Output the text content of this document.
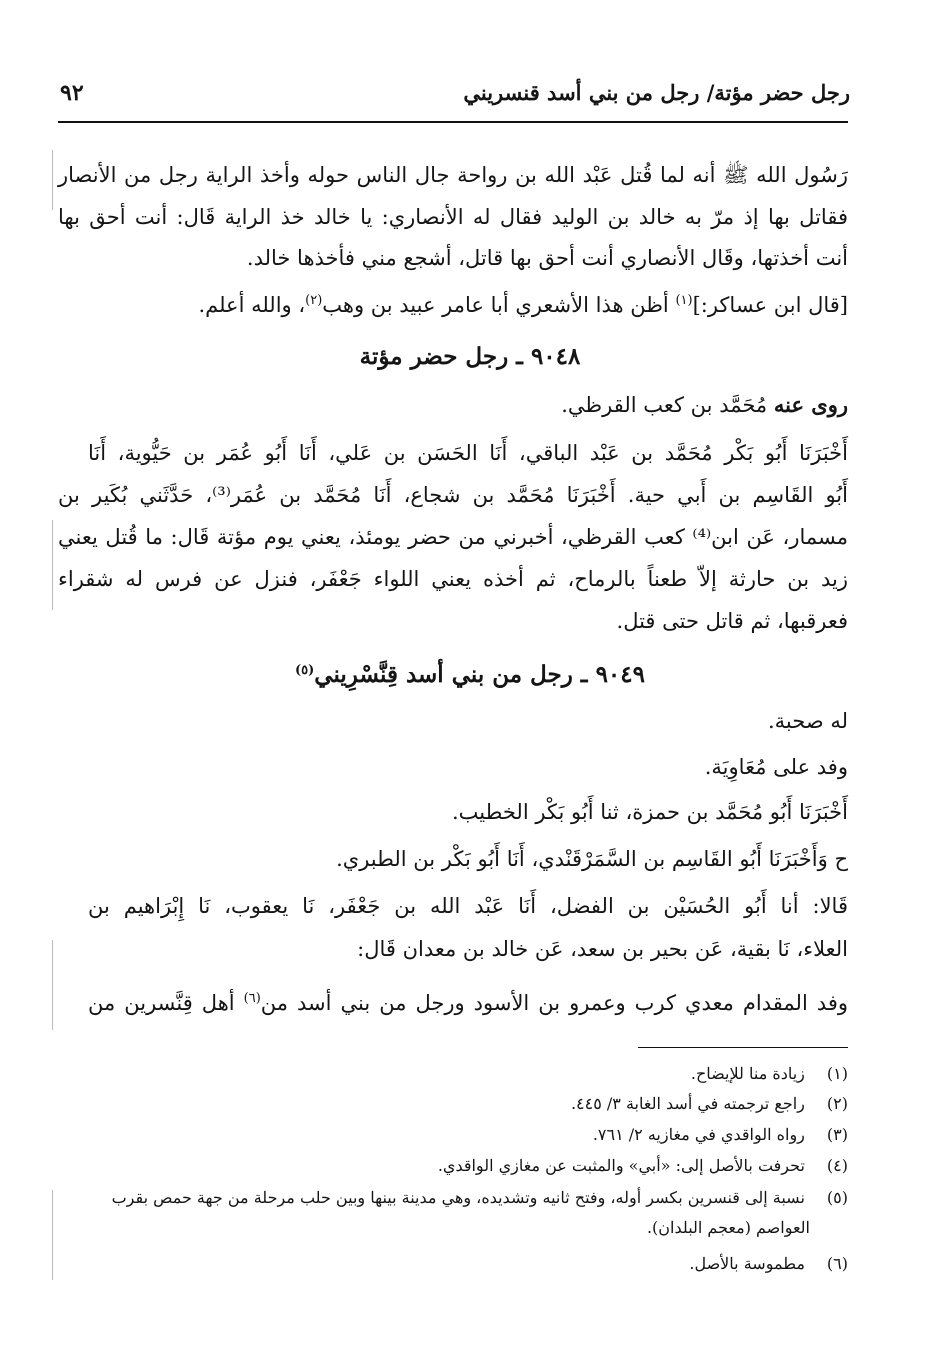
رجل حضر مؤتة/ رجل من بني أسد قنسريني
٩٢
رَسُول الله ﷺ أنه لما قُتل عَبْد الله بن رواحة جال الناس حوله وأخذ الراية رجل من الأنصار
فقاتل بها إذ مرّ به خالد بن الوليد فقال له الأنصاري: يا خالد خذ الراية قَال: أنت أحق بها
أنت أخذتها، وقَال الأنصاري أنت أحق بها قاتل، أشجع مني فأخذها خالد.
[قال ابن عساكر:]$^{(١)}$ أظن هذا الأشعري أبا عامر عبيد بن وهب$^{(٢)}$، والله أعلم.
٩٠٤٨ ـ رجل حضر مؤتة
روى عنه مُحَمَّد بن كعب القرظي.
أَخْبَرَنَا أَبُو بَكْر مُحَمَّد بن عَبْد الباقي، أَنَا الحَسَن بن عَلي، أَنَا أَبُو عُمَر بن حَيُّوية، أَنَا
أَبُو القَاسِم بن أَبي حية. أَخْبَرَنَا مُحَمَّد بن شجاع، أَنَا مُحَمَّد بن عُمَر⁽³⁾، حَدَّثَني بُكَير بن
مسمار، عَن ابن⁽⁴⁾ كعب القرظي، أخبرني من حضر يومئذ، يعني يوم مؤتة قَال: ما قُتل يعني
زيد بن حارثة إلاّ طعناً بالرماح، ثم أخذه يعني اللواء جَعْفَر، فنزل عن فرس له شقراء
فعرقبها، ثم قاتل حتى قتل.
٩٠٤٩ ـ رجل من بني أسد قِنَّسْرِيني$^{(٥)}$
له صحبة.
وفد على مُعَاوِيَة.
أَخْبَرَنَا أَبُو مُحَمَّد بن حمزة، ثنا أَبُو بَكْر الخطيب.
ح وَأَخْبَرَنَا أَبُو القَاسِم بن السَّمَرْقَنْدي، أَنَا أَبُو بَكْر بن الطبري.
قَالا: أنا أَبُو الحُسَيْن بن الفضل، أَنَا عَبْد الله بن جَعْفَر، نَا يعقوب، نَا إِبْرَاهيم بن
العلاء، نَا بقية، عَن بحير بن سعد، عَن خالد بن معدان قَال:
وفد المقدام معدي كرب وعمرو بن الأسود ورجل من بني أسد من$^{(٦)}$ أهل قِنَّسرين من
(١) زيادة منا للإيضاح.
(٢) راجع ترجمته في أسد الغابة ٣/ ٤٤٥.
(٣) رواه الواقدي في مغازيه ٢/ ٧٦١.
(٤) تحرفت بالأصل إلى: «أبي» والمثبت عن مغازي الواقدي.
(٥) نسبة إلى قنسرين بكسر أوله، وفتح ثانيه وتشديده، وهي مدينة بينها وبين حلب مرحلة من جهة حمص بقرب
العواصم (معجم البلدان).
(٦) مطموسة بالأصل.
